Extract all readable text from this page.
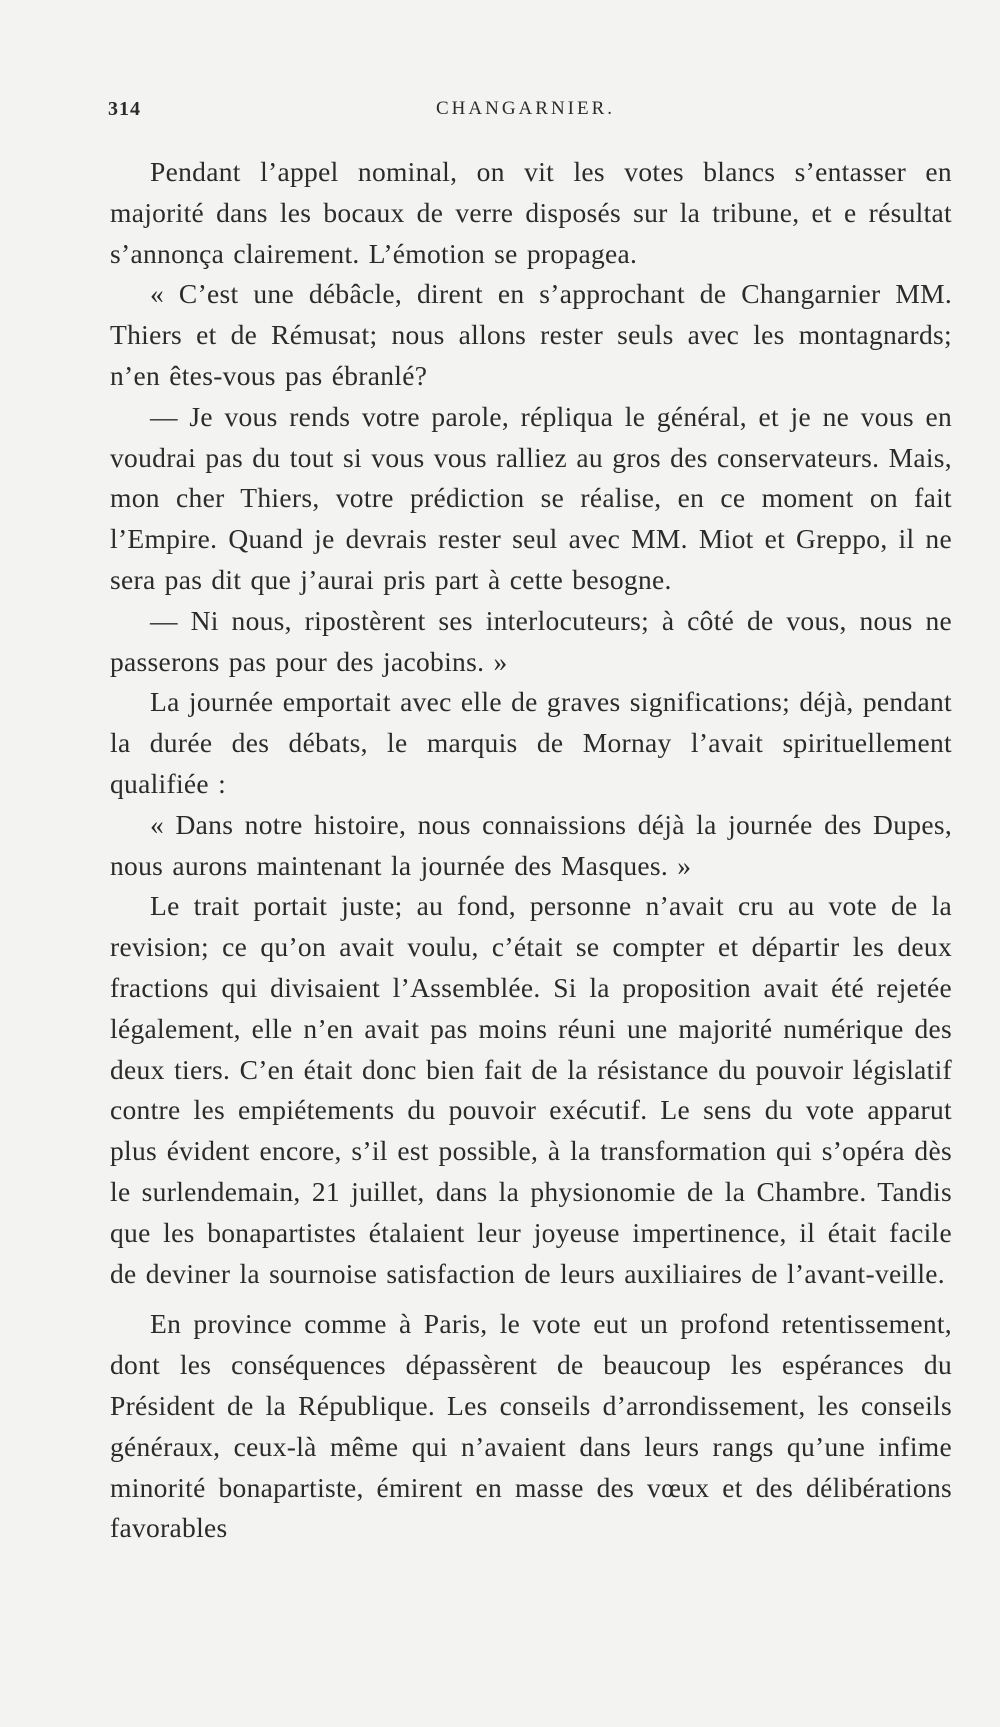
314	CHANGARNIER.

Pendant l’appel nominal, on vit les votes blancs s’entasser en majorité dans les bocaux de verre disposés sur la tribune, et e résultat s’annonça clairement. L’émotion se propagea.

« C’est une débâcle, dirent en s’approchant de Changarnier MM. Thiers et de Rémusat; nous allons rester seuls avec les montagnards; n’en êtes-vous pas ébranlé?

— Je vous rends votre parole, répliqua le général, et je ne vous en voudrai pas du tout si vous vous ralliez au gros des conservateurs. Mais, mon cher Thiers, votre prédiction se réalise, en ce moment on fait l’Empire. Quand je devrais rester seul avec MM. Miot et Greppo, il ne sera pas dit que j’aurai pris part à cette besogne.

— Ni nous, ripostèrent ses interlocuteurs; à côté de vous, nous ne passerons pas pour des jacobins. »

La journée emportait avec elle de graves significations; déjà, pendant la durée des débats, le marquis de Mornay l’avait spirituellement qualifiée :

« Dans notre histoire, nous connaissions déjà la journée des Dupes, nous aurons maintenant la journée des Masques. »

Le trait portait juste; au fond, personne n’avait cru au vote de la revision; ce qu’on avait voulu, c’était se compter et départir les deux fractions qui divisaient l’Assemblée. Si la proposition avait été rejetée légalement, elle n’en avait pas moins réuni une majorité numérique des deux tiers. C’en était donc bien fait de la résistance du pouvoir législatif contre les empiétements du pouvoir exécutif. Le sens du vote apparut plus évident encore, s’il est possible, à la transformation qui s’opéra dès le surlendemain, 21 juillet, dans la physionomie de la Chambre. Tandis que les bonapartistes étalaient leur joyeuse impertinence, il était facile de deviner la sournoise satisfaction de leurs auxiliaires de l’avant-veille.

En province comme à Paris, le vote eut un profond retentissement, dont les conséquences dépassèrent de beaucoup les espérances du Président de la République. Les conseils d’arrondissement, les conseils généraux, ceux-là même qui n’avaient dans leurs rangs qu’une infime minorité bonapartiste, émirent en masse des vœux et des délibérations favorables
